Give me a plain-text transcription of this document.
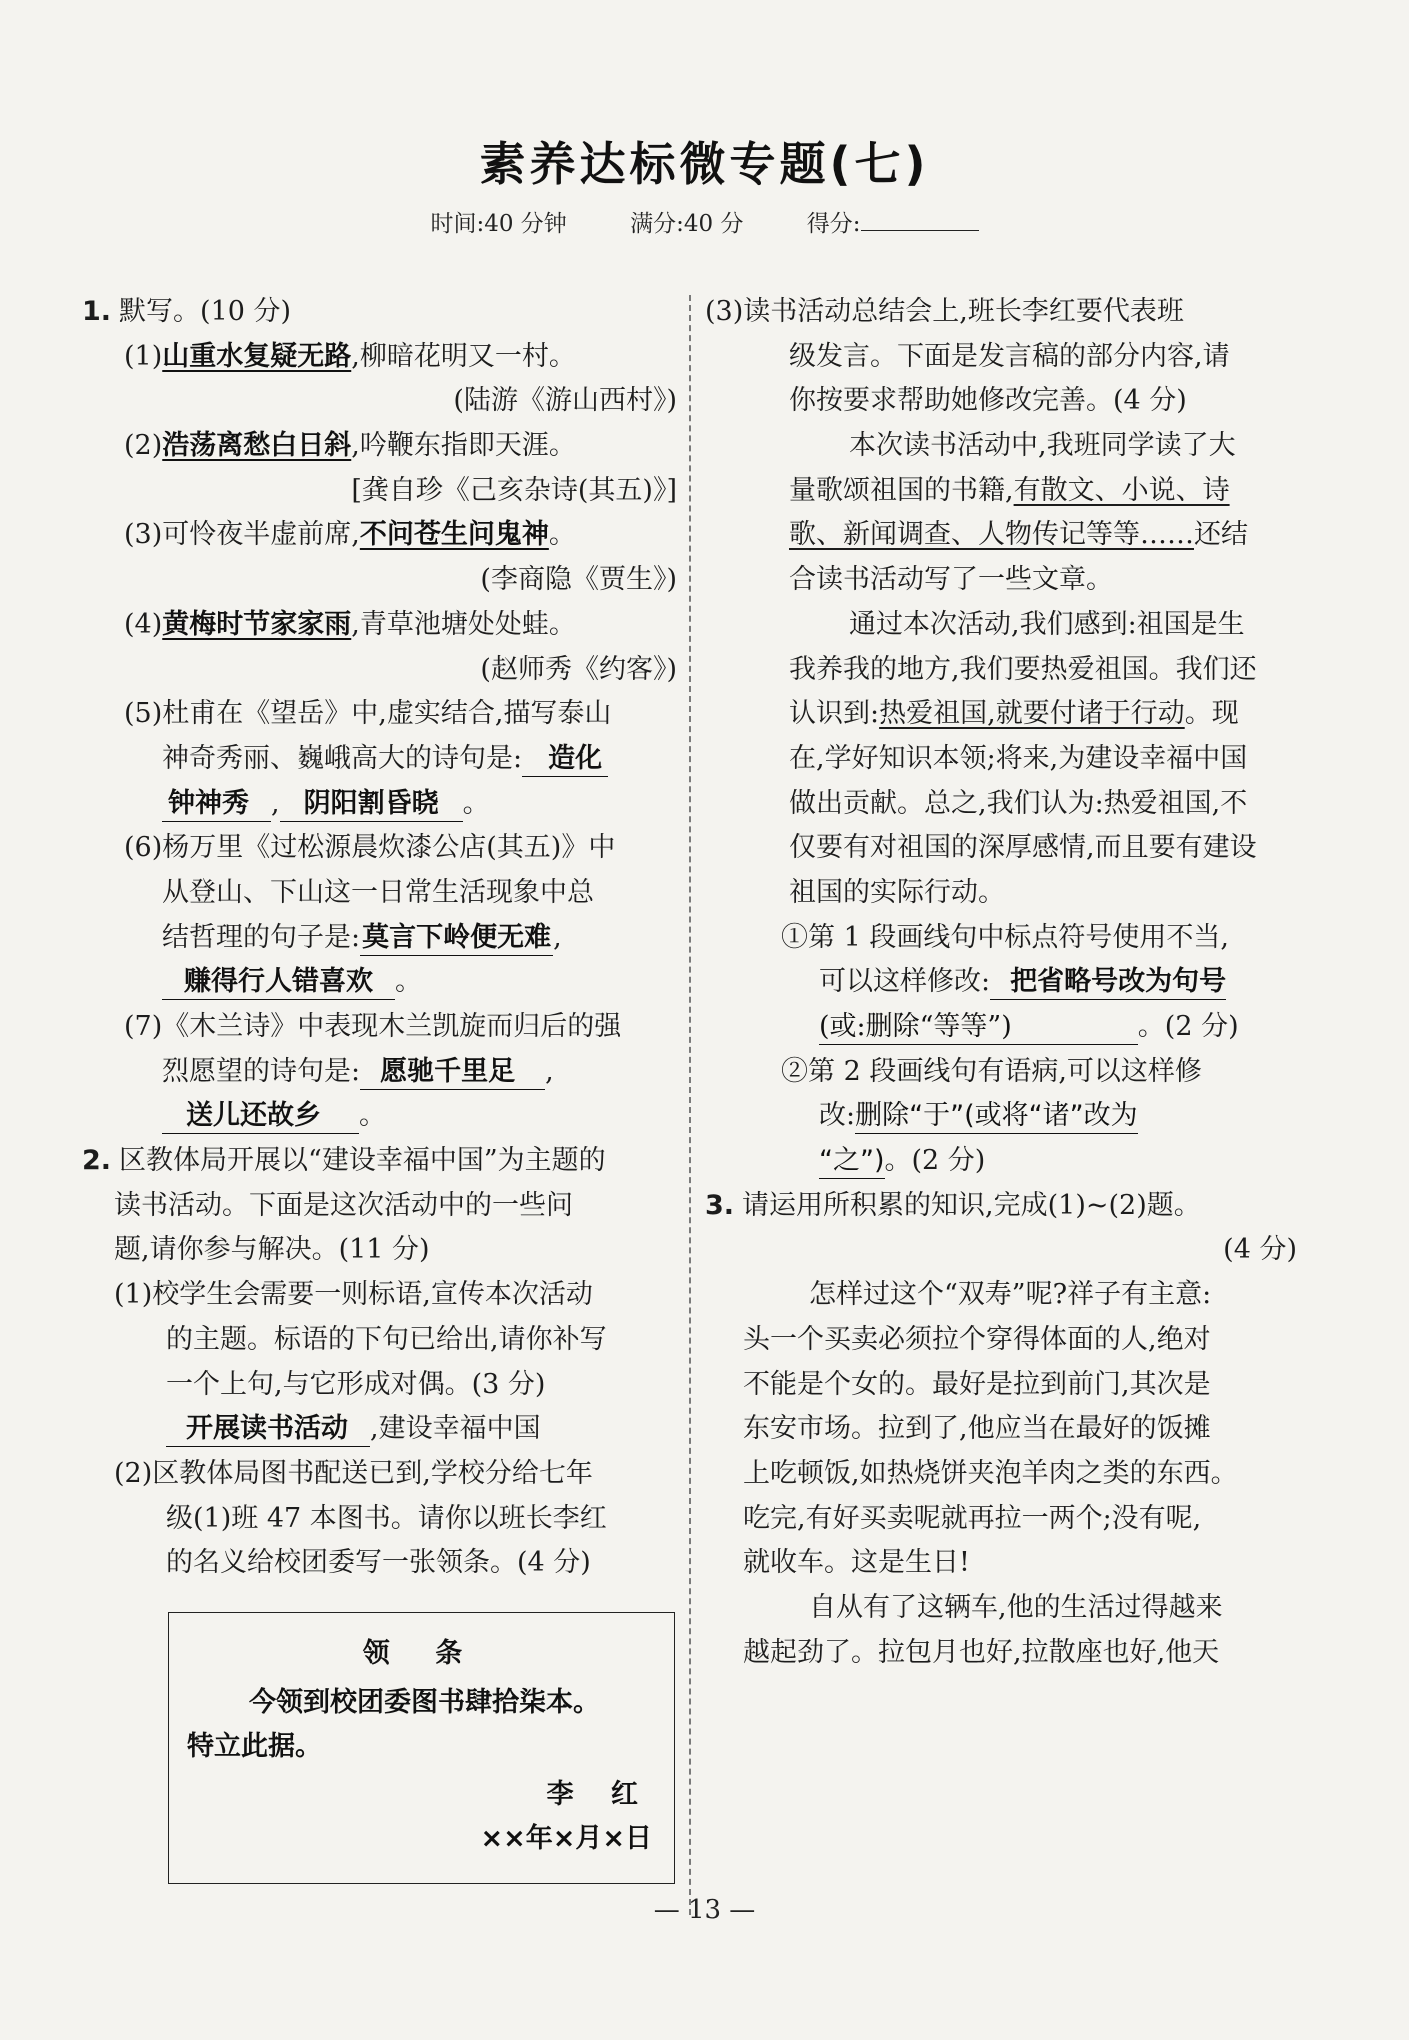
素养达标微专题(七)
时间:40 分钟	满分:40 分	得分:
1. 默写。(10 分)
(1)山重水复疑无路,柳暗花明又一村。
(陆游《游山西村》)
(2)浩荡离愁白日斜,吟鞭东指即天涯。
[龚自珍《己亥杂诗(其五)》]
(3)可怜夜半虚前席,不问苍生问鬼神。
(李商隐《贾生》)
(4)黄梅时节家家雨,青草池塘处处蛙。
(赵师秀《约客》)
(5)杜甫在《望岳》中,虚实结合,描写泰山
神奇秀丽、巍峨高大的诗句是: 造化
钟神秀 , 阴阳割昏晓 。
(6)杨万里《过松源晨炊漆公店(其五)》中
从登山、下山这一日常生活现象中总
结哲理的句子是:莫言下岭便无难,
赚得行人错喜欢 。
(7)《木兰诗》中表现木兰凯旋而归后的强
烈愿望的诗句是: 愿驰千里足 ,
送儿还故乡 。
2. 区教体局开展以“建设幸福中国”为主题的
读书活动。下面是这次活动中的一些问
题,请你参与解决。(11 分)
(1)校学生会需要一则标语,宣传本次活动
的主题。标语的下句已给出,请你补写
一个上句,与它形成对偶。(3 分)
开展读书活动 ,建设幸福中国
(2)区教体局图书配送已到,学校分给七年
级(1)班 47 本图书。请你以班长李红
的名义给校团委写一张领条。(4 分)
领 条
今领到校团委图书肆拾柒本。
特立此据。
李 红
××年×月×日
(3)读书活动总结会上,班长李红要代表班
级发言。下面是发言稿的部分内容,请
你按要求帮助她修改完善。(4 分)
本次读书活动中,我班同学读了大
量歌颂祖国的书籍,有散文、小说、诗
歌、新闻调查、人物传记等等……还结
合读书活动写了一些文章。
通过本次活动,我们感到:祖国是生
我养我的地方,我们要热爱祖国。我们还
认识到:热爱祖国,就要付诸于行动。现
在,学好知识本领;将来,为建设幸福中国
做出贡献。总之,我们认为:热爱祖国,不
仅要有对祖国的深厚感情,而且要有建设
祖国的实际行动。
①第 1 段画线句中标点符号使用不当,
可以这样修改: 把省略号改为句号
(或:删除“等等”)	。(2 分)
②第 2 段画线句有语病,可以这样修
改:删除“于”(或将“诸”改为
“之”)。(2 分)
3. 请运用所积累的知识,完成(1)~(2)题。
(4 分)
怎样过这个“双寿”呢?祥子有主意:
头一个买卖必须拉个穿得体面的人,绝对
不能是个女的。最好是拉到前门,其次是
东安市场。拉到了,他应当在最好的饭摊
上吃顿饭,如热烧饼夹泡羊肉之类的东西。
吃完,有好买卖呢就再拉一两个;没有呢,
就收车。这是生日!
自从有了这辆车,他的生活过得越来
越起劲了。拉包月也好,拉散座也好,他天
— 13 —
